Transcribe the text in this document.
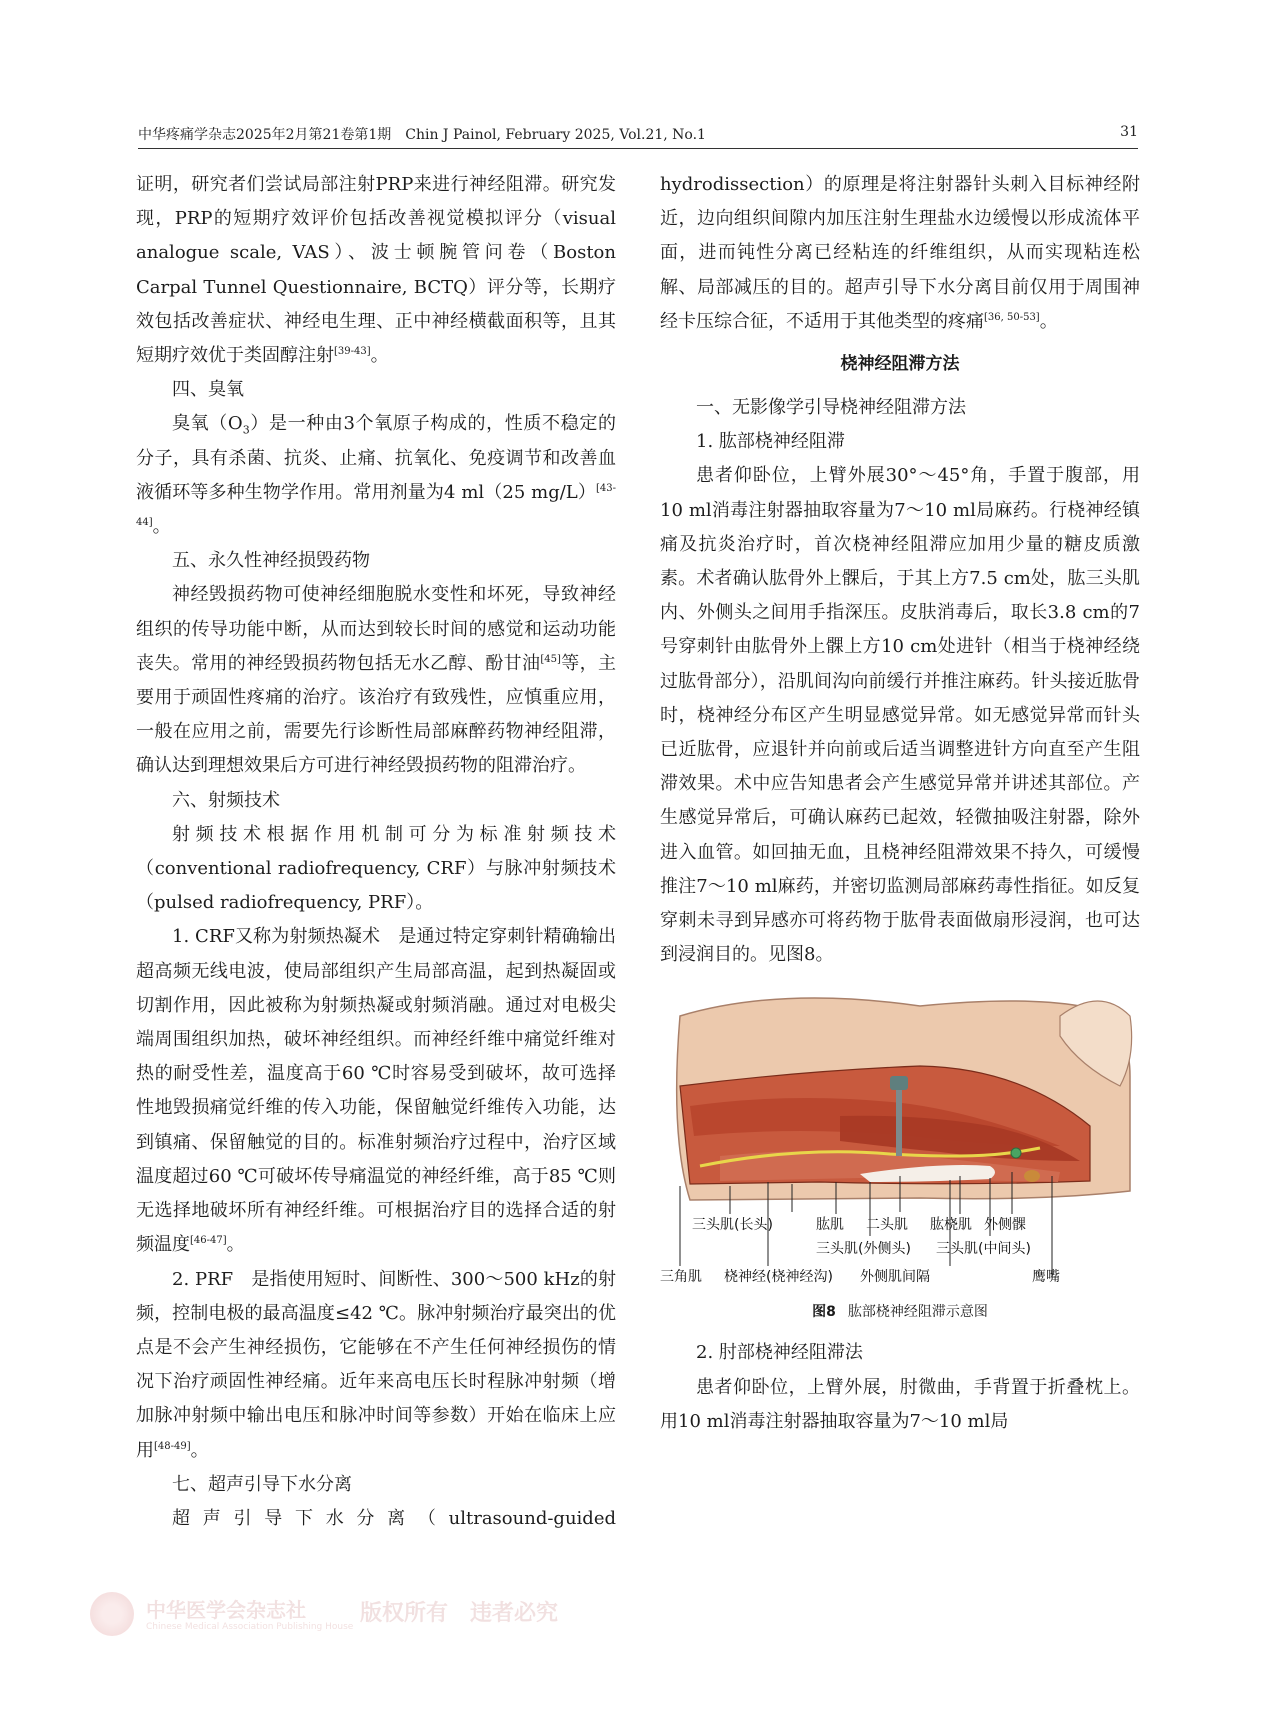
中华疼痛学杂志2025年2月第21卷第1期　Chin J Painol, February 2025, Vol.21, No.1	31

证明，研究者们尝试局部注射PRP来进行神经阻滞。研究发现，PRP的短期疗效评价包括改善视觉模拟评分（visual analogue scale, VAS）、波士顿腕管问卷（Boston Carpal Tunnel Questionnaire, BCTQ）评分等，长期疗效包括改善症状、神经电生理、正中神经横截面积等，且其短期疗效优于类固醇注射[39-43]。

四、臭氧

臭氧$(O_3)$是一种由3个氧原子构成的，性质不稳定的分子，具有杀菌、抗炎、止痛、抗氧化、免疫调节和改善血液循环等多种生物学作用。常用剂量为4 ml（25 mg/L）[43-44]。

五、永久性神经损毁药物

神经毁损药物可使神经细胞脱水变性和坏死，导致神经组织的传导功能中断，从而达到较长时间的感觉和运动功能丧失。常用的神经毁损药物包括无水乙醇、酚甘油[45]等，主要用于顽固性疼痛的治疗。该治疗有致残性，应慎重应用，一般在应用之前，需要先行诊断性局部麻醉药物神经阻滞，确认达到理想效果后方可进行神经毁损药物的阻滞治疗。

六、射频技术

射频技术根据作用机制可分为标准射频技术（conventional radiofrequency, CRF）与脉冲射频技术（pulsed radiofrequency, PRF）。

1. CRF又称为射频热凝术　是通过特定穿刺针精确输出超高频无线电波，使局部组织产生局部高温，起到热凝固或切割作用，因此被称为射频热凝或射频消融。通过对电极尖端周围组织加热，破坏神经组织。而神经纤维中痛觉纤维对热的耐受性差，温度高于60 ℃时容易受到破坏，故可选择性地毁损痛觉纤维的传入功能，保留触觉纤维传入功能，达到镇痛、保留触觉的目的。标准射频治疗过程中，治疗区域温度超过60 ℃可破坏传导痛温觉的神经纤维，高于85 ℃则无选择地破坏所有神经纤维。可根据治疗目的选择合适的射频温度[46-47]。

2. PRF　是指使用短时、间断性、300～500 kHz的射频，控制电极的最高温度≤42 ℃。脉冲射频治疗最突出的优点是不会产生神经损伤，它能够在不产生任何神经损伤的情况下治疗顽固性神经痛。近年来高电压长时程脉冲射频（增加脉冲射频中输出电压和脉冲时间等参数）开始在临床上应用[48-49]。

七、超声引导下水分离

超声引导下水分离（ultrasound-guided

hydrodissection）的原理是将注射器针头刺入目标神经附近，边向组织间隙内加压注射生理盐水边缓慢以形成流体平面，进而钝性分离已经粘连的纤维组织，从而实现粘连松解、局部减压的目的。超声引导下水分离目前仅用于周围神经卡压综合征，不适用于其他类型的疼痛[36, 50-53]。

桡神经阻滞方法

一、无影像学引导桡神经阻滞方法

1. 肱部桡神经阻滞

患者仰卧位，上臂外展30°～45°角，手置于腹部，用10 ml消毒注射器抽取容量为7～10 ml局麻药。行桡神经镇痛及抗炎治疗时，首次桡神经阻滞应加用少量的糖皮质激素。术者确认肱骨外上髁后，于其上方7.5 cm处，肱三头肌内、外侧头之间用手指深压。皮肤消毒后，取长3.8 cm的7号穿刺针由肱骨外上髁上方10 cm处进针（相当于桡神经绕过肱骨部分），沿肌间沟向前缓行并推注麻药。针头接近肱骨时，桡神经分布区产生明显感觉异常。如无感觉异常而针头已近肱骨，应退针并向前或后适当调整进针方向直至产生阻滞效果。术中应告知患者会产生感觉异常并讲述其部位。产生感觉异常后，可确认麻药已起效，轻微抽吸注射器，除外进入血管。如回抽无血，且桡神经阻滞效果不持久，可缓慢推注7～10 ml麻药，并密切监测局部麻药毒性指征。如反复穿刺未寻到异感亦可将药物于肱骨表面做扇形浸润，也可达到浸润目的。见图8。

三头肌(长头)	肱肌 二头肌 肱桡肌 外侧髁
三头肌(外侧头) 三头肌(中间头)
三角肌 桡神经(桡神经沟) 外侧肌间隔	鹰嘴
图8 肱部桡神经阻滞示意图

2. 肘部桡神经阻滞法

患者仰卧位，上臂外展，肘微曲，手背置于折叠枕上。用10 ml消毒注射器抽取容量为7～10 ml局

中华医学会杂志社
Chinese Medical Association Publishing House
版权所有　违者必究
